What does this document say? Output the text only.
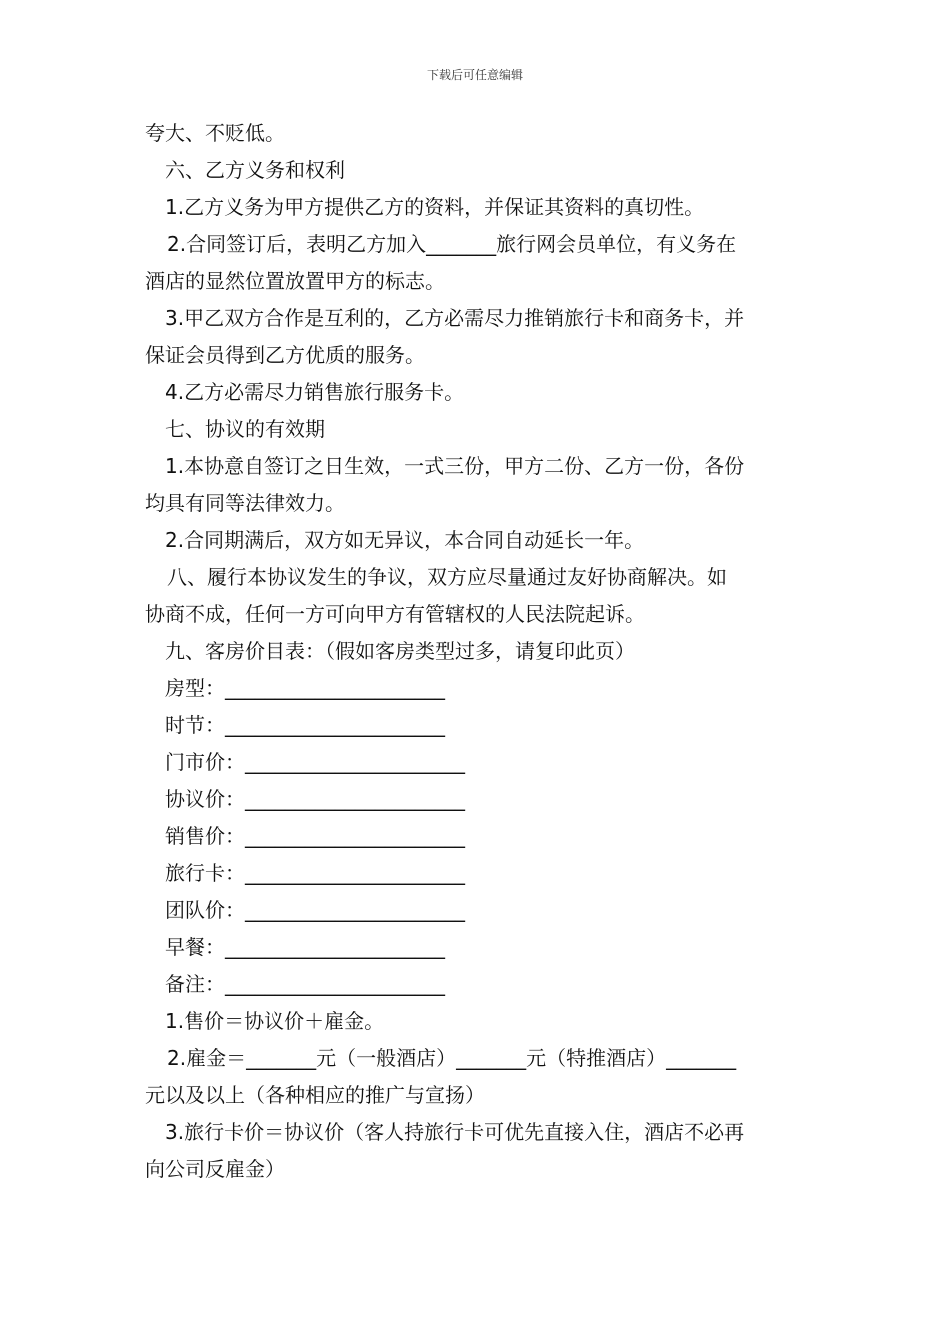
下载后可任意编辑
夸大、不贬低。
六、乙方义务和权利
1.乙方义务为甲方提供乙方的资料，并保证其资料的真切性。
2.合同签订后，表明乙方加入_______旅行网会员单位，有义务在
酒店的显然位置放置甲方的标志。
3.甲乙双方合作是互利的，乙方必需尽力推销旅行卡和商务卡，并
保证会员得到乙方优质的服务。
4.乙方必需尽力销售旅行服务卡。
七、协议的有效期
1.本协意自签订之日生效，一式三份，甲方二份、乙方一份，各份
均具有同等法律效力。
2.合同期满后，双方如无异议，本合同自动延长一年。
八、履行本协议发生的争议，双方应尽量通过友好协商解决。如
协商不成，任何一方可向甲方有管辖权的人民法院起诉。
九、客房价目表：（假如客房类型过多，请复印此页）
房型：______________________
时节：______________________
门市价：______________________
协议价：______________________
销售价：______________________
旅行卡：______________________
团队价：______________________
早餐：______________________
备注：______________________
1.售价＝协议价＋雇金。
2.雇金＝_______元（一般酒店）_______元（特推酒店）_______
元以及以上（各种相应的推广与宣扬）
3.旅行卡价＝协议价（客人持旅行卡可优先直接入住，酒店不必再
向公司反雇金）
